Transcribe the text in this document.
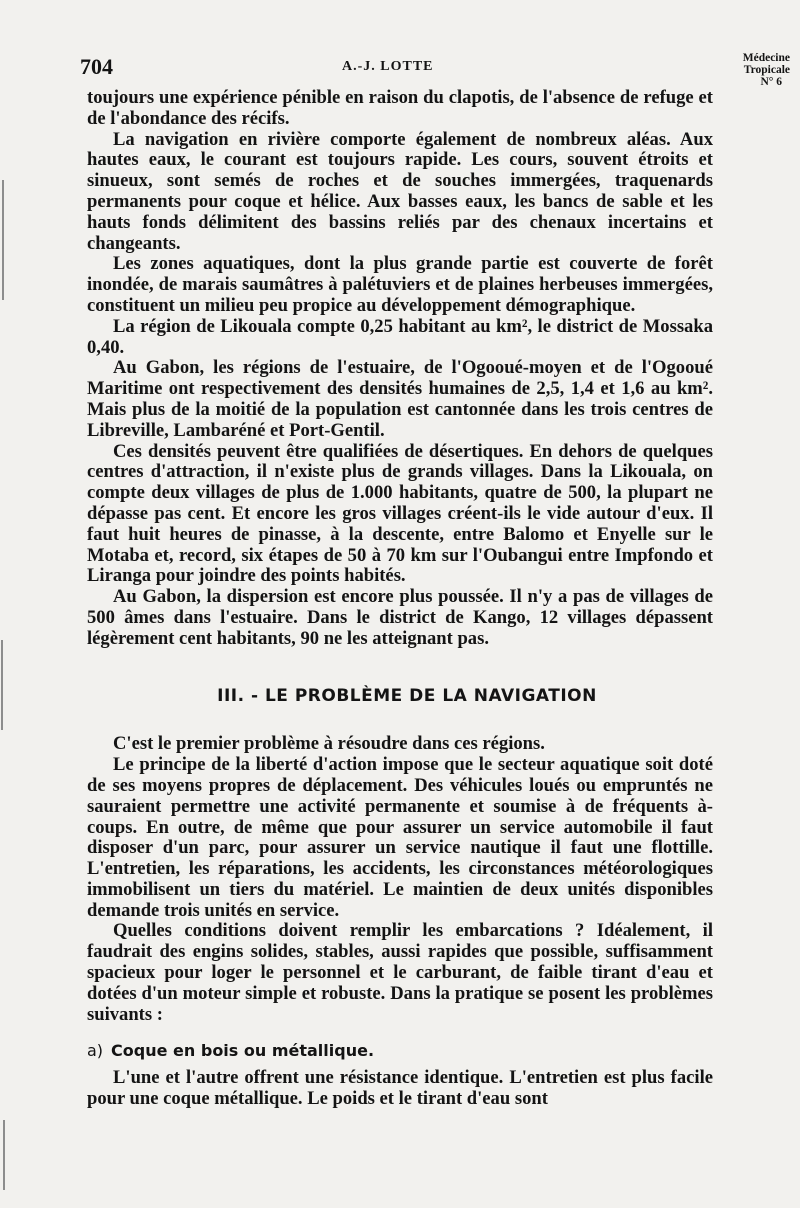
704	A.-J. LOTTE
Médecine
Tropicale
N° 6

toujours une expérience pénible en raison du clapotis, de l'absence de refuge et de l'abondance des récifs.

La navigation en rivière comporte également de nombreux aléas. Aux hautes eaux, le courant est toujours rapide. Les cours, souvent étroits et sinueux, sont semés de roches et de souches immergées, traquenards permanents pour coque et hélice. Aux basses eaux, les bancs de sable et les hauts fonds délimitent des bassins reliés par des chenaux incertains et changeants.

Les zones aquatiques, dont la plus grande partie est couverte de forêt inondée, de marais saumâtres à palétuviers et de plaines herbeuses immergées, constituent un milieu peu propice au développement démographique.

La région de Likouala compte 0,25 habitant au km², le district de Mossaka 0,40.

Au Gabon, les régions de l'estuaire, de l'Ogooué-moyen et de l'Ogooué Maritime ont respectivement des densités humaines de 2,5, 1,4 et 1,6 au km². Mais plus de la moitié de la population est cantonnée dans les trois centres de Libreville, Lambaréné et Port-Gentil.

Ces densités peuvent être qualifiées de désertiques. En dehors de quelques centres d'attraction, il n'existe plus de grands villages. Dans la Likouala, on compte deux villages de plus de 1.000 habitants, quatre de 500, la plupart ne dépasse pas cent. Et encore les gros villages créent-ils le vide autour d'eux. Il faut huit heures de pinasse, à la descente, entre Balomo et Enyelle sur le Motaba et, record, six étapes de 50 à 70 km sur l'Oubangui entre Impfondo et Liranga pour joindre des points habités.

Au Gabon, la dispersion est encore plus poussée. Il n'y a pas de villages de 500 âmes dans l'estuaire. Dans le district de Kango, 12 villages dépassent légèrement cent habitants, 90 ne les atteignant pas.

III. - LE PROBLÈME DE LA NAVIGATION

C'est le premier problème à résoudre dans ces régions.

Le principe de la liberté d'action impose que le secteur aquatique soit doté de ses moyens propres de déplacement. Des véhicules loués ou empruntés ne sauraient permettre une activité permanente et soumise à de fréquents à-coups. En outre, de même que pour assurer un service automobile il faut disposer d'un parc, pour assurer un service nautique il faut une flottille. L'entretien, les réparations, les accidents, les circonstances météorologiques immobilisent un tiers du matériel. Le maintien de deux unités disponibles demande trois unités en service.

Quelles conditions doivent remplir les embarcations ? Idéalement, il faudrait des engins solides, stables, aussi rapides que possible, suffisamment spacieux pour loger le personnel et le carburant, de faible tirant d'eau et dotées d'un moteur simple et robuste. Dans la pratique se posent les problèmes suivants :

a) Coque en bois ou métallique.

L'une et l'autre offrent une résistance identique. L'entretien est plus facile pour une coque métallique. Le poids et le tirant d'eau sont
